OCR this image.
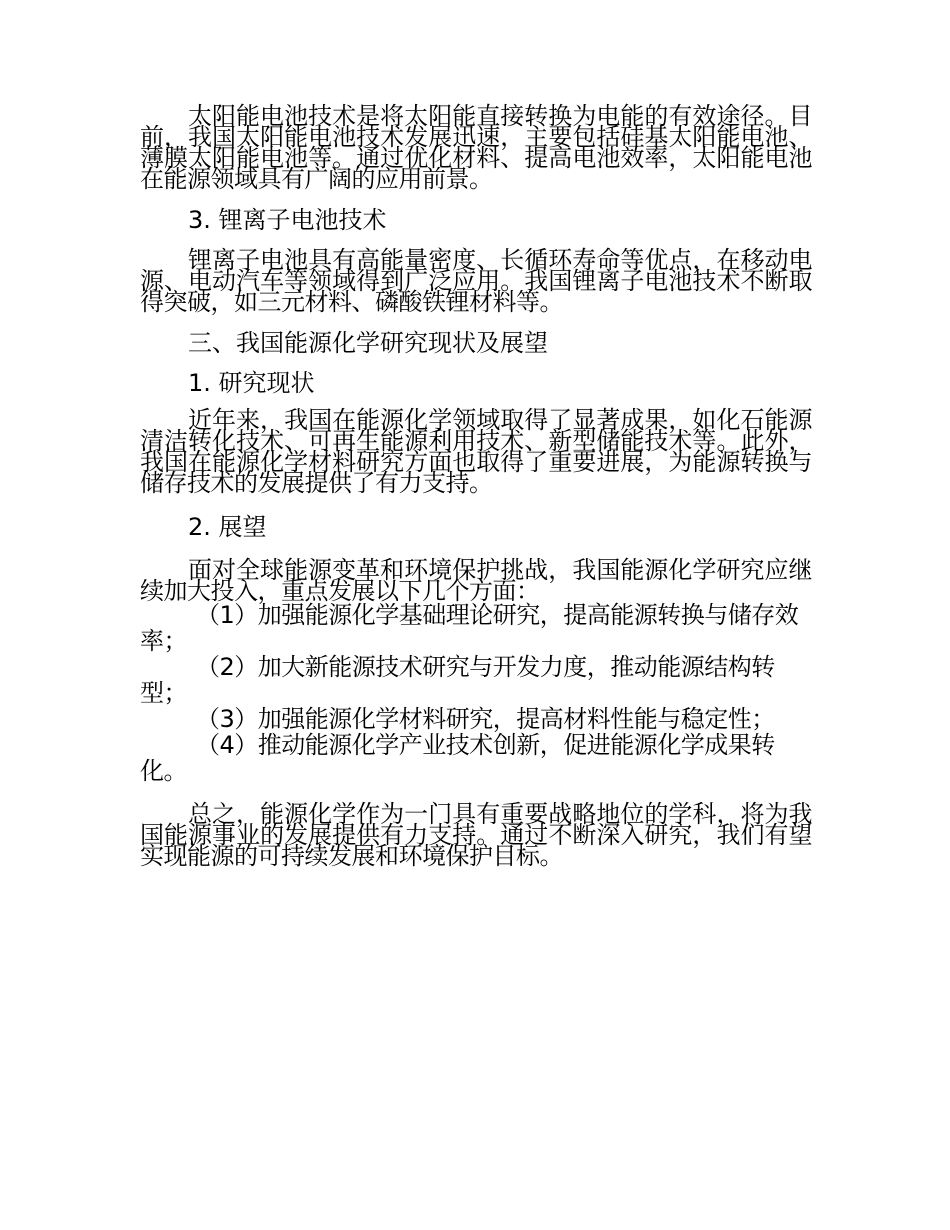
太阳能电池技术是将太阳能直接转换为电能的有效途径。目前，我国太阳能电池技术发展迅速，主要包括硅基太阳能电池、薄膜太阳能电池等。通过优化材料、提高电池效率，太阳能电池在能源领域具有广阔的应用前景。

3. 锂离子电池技术

锂离子电池具有高能量密度、长循环寿命等优点，在移动电源、电动汽车等领域得到广泛应用。我国锂离子电池技术不断取得突破，如三元材料、磷酸铁锂材料等。

三、我国能源化学研究现状及展望

1. 研究现状

近年来，我国在能源化学领域取得了显著成果，如化石能源清洁转化技术、可再生能源利用技术、新型储能技术等。此外，我国在能源化学材料研究方面也取得了重要进展，为能源转换与储存技术的发展提供了有力支持。

2. 展望

面对全球能源变革和环境保护挑战，我国能源化学研究应继续加大投入，重点发展以下几个方面：

（1）加强能源化学基础理论研究，提高能源转换与储存效率；

（2）加大新能源技术研究与开发力度，推动能源结构转型；

（3）加强能源化学材料研究，提高材料性能与稳定性；

（4）推动能源化学产业技术创新，促进能源化学成果转化。

总之，能源化学作为一门具有重要战略地位的学科，将为我国能源事业的发展提供有力支持。通过不断深入研究，我们有望实现能源的可持续发展和环境保护目标。
